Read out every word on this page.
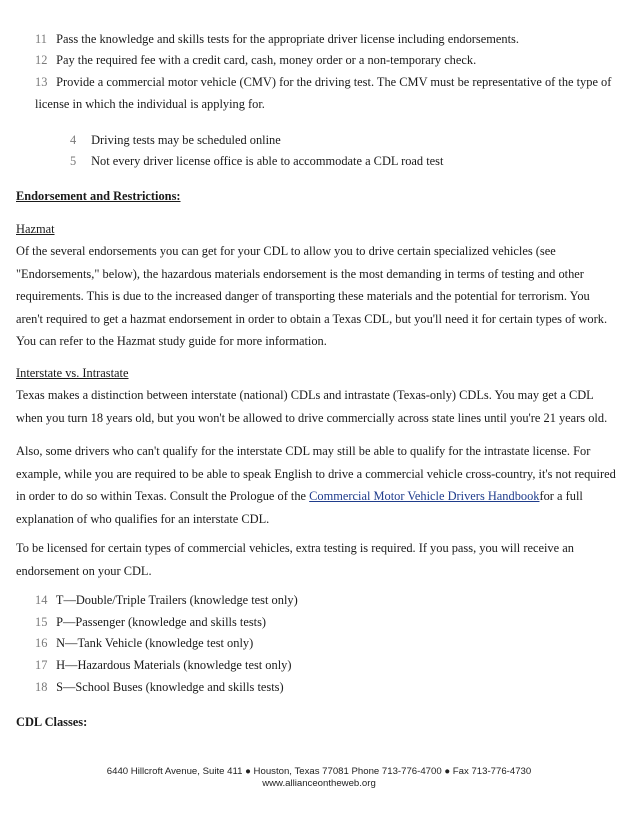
11 Pass the knowledge and skills tests for the appropriate driver license including endorsements.
12 Pay the required fee with a credit card, cash, money order or a non-temporary check.
13 Provide a commercial motor vehicle (CMV) for the driving test. The CMV must be representative of the type of
license in which the individual is applying for.
4 Driving tests may be scheduled online
5 Not every driver license office is able to accommodate a CDL road test
Endorsement and Restrictions:
Hazmat
Of the several endorsements you can get for your CDL to allow you to drive certain specialized vehicles (see
"Endorsements," below), the hazardous materials endorsement is the most demanding in terms of testing and other
requirements. This is due to the increased danger of transporting these materials and the potential for terrorism. You
aren't required to get a hazmat endorsement in order to obtain a Texas CDL, but you'll need it for certain types of work.
You can refer to the Hazmat study guide for more information.
Interstate vs. Intrastate
Texas makes a distinction between interstate (national) CDLs and intrastate (Texas-only) CDLs. You may get a CDL
when you turn 18 years old, but you won't be allowed to drive commercially across state lines until you're 21 years old.
Also, some drivers who can't qualify for the interstate CDL may still be able to qualify for the intrastate license. For
example, while you are required to be able to speak English to drive a commercial vehicle cross-country, it's not required
in order to do so within Texas. Consult the Prologue of the Commercial Motor Vehicle Drivers Handbookfor a full
explanation of who qualifies for an interstate CDL.
To be licensed for certain types of commercial vehicles, extra testing is required. If you pass, you will receive an
endorsement on your CDL.
14 T—Double/Triple Trailers (knowledge test only)
15 P—Passenger (knowledge and skills tests)
16 N—Tank Vehicle (knowledge test only)
17 H—Hazardous Materials (knowledge test only)
18 S—School Buses (knowledge and skills tests)
CDL Classes:
6440 Hillcroft Avenue, Suite 411 ● Houston, Texas 77081 Phone 713-776-4700 ● Fax 713-776-4730
www.allianceontheweb.org
